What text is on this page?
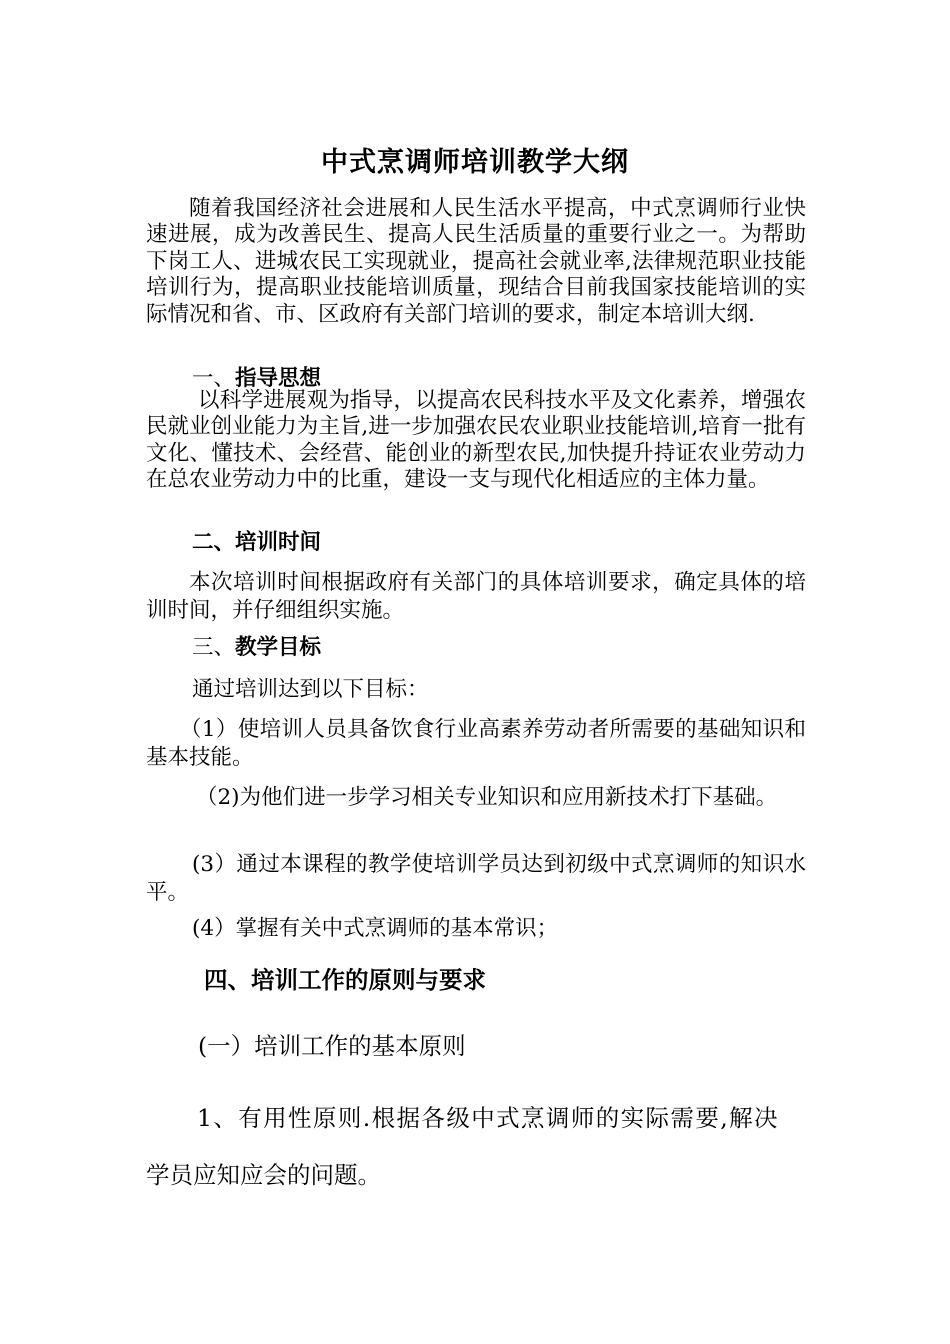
中式烹调师培训教学大纲
随着我国经济社会进展和人民生活水平提高，中式烹调师行业快速进展，成为改善民生、提高人民生活质量的重要行业之一。为帮助下岗工人、进城农民工实现就业，提高社会就业率,法律规范职业技能培训行为，提高职业技能培训质量，现结合目前我国家技能培训的实际情况和省、市、区政府有关部门培训的要求，制定本培训大纲.
一、指导思想
以科学进展观为指导，以提高农民科技水平及文化素养，增强农民就业创业能力为主旨,进一步加强农民农业职业技能培训,培育一批有文化、懂技术、会经营、能创业的新型农民,加快提升持证农业劳动力在总农业劳动力中的比重，建设一支与现代化相适应的主体力量。
二、培训时间
本次培训时间根据政府有关部门的具体培训要求，确定具体的培训时间，并仔细组织实施。
三、教学目标
通过培训达到以下目标：
（1）使培训人员具备饮食行业高素养劳动者所需要的基础知识和基本技能。
（2)为他们进一步学习相关专业知识和应用新技术打下基础。
(3）通过本课程的教学使培训学员达到初级中式烹调师的知识水平。
(4）掌握有关中式烹调师的基本常识；
四、培训工作的原则与要求
(一）培训工作的基本原则
1、有用性原则.根据各级中式烹调师的实际需要,解决
学员应知应会的问题。
